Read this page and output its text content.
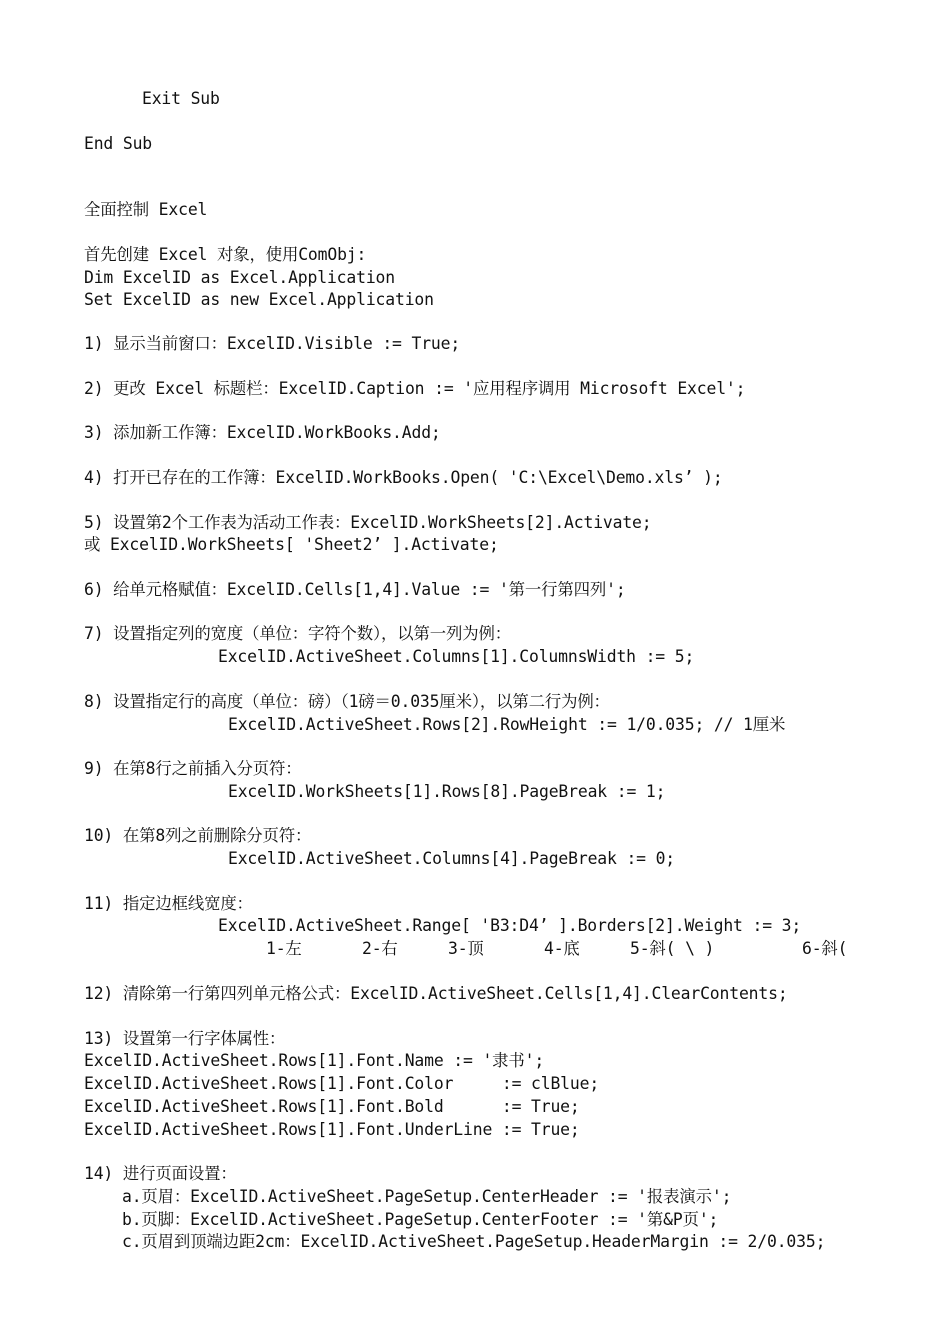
Exit Sub
End Sub
全面控制 Excel
首先创建 Excel 对象，使用ComObj:
Dim ExcelID as Excel.Application
Set ExcelID as new Excel.Application
1) 显示当前窗口：ExcelID.Visible := True;
2) 更改 Excel 标题栏：ExcelID.Caption := '应用程序调用 Microsoft Excel';
3) 添加新工作簿：ExcelID.WorkBooks.Add;
4) 打开已存在的工作簿：ExcelID.WorkBooks.Open( 'C:\Excel\Demo.xls’ );
5) 设置第2个工作表为活动工作表：ExcelID.WorkSheets[2].Activate;
或 ExcelID.WorkSheets[ 'Sheet2’ ].Activate;
6) 给单元格赋值：ExcelID.Cells[1,4].Value := '第一行第四列';
7) 设置指定列的宽度（单位：字符个数），以第一列为例：
ExcelID.ActiveSheet.Columns[1].ColumnsWidth := 5;
8) 设置指定行的高度（单位：磅）（1磅＝0.035厘米），以第二行为例：
ExcelID.ActiveSheet.Rows[2].RowHeight := 1/0.035; // 1厘米
9) 在第8行之前插入分页符：
ExcelID.WorkSheets[1].Rows[8].PageBreak := 1;
10) 在第8列之前删除分页符：
ExcelID.ActiveSheet.Columns[4].PageBreak := 0;
11) 指定边框线宽度：
ExcelID.ActiveSheet.Range[ 'B3:D4’ ].Borders[2].Weight := 3;
1-左	2-右	3-顶	4-底	5-斜( \ )	6-斜(
12) 清除第一行第四列单元格公式：ExcelID.ActiveSheet.Cells[1,4].ClearContents;
13) 设置第一行字体属性：
ExcelID.ActiveSheet.Rows[1].Font.Name := '隶书';
ExcelID.ActiveSheet.Rows[1].Font.Color     := clBlue;
ExcelID.ActiveSheet.Rows[1].Font.Bold      := True;
ExcelID.ActiveSheet.Rows[1].Font.UnderLine := True;
14) 进行页面设置：
a.页眉：ExcelID.ActiveSheet.PageSetup.CenterHeader := '报表演示';
b.页脚：ExcelID.ActiveSheet.PageSetup.CenterFooter := '第&P页';
c.页眉到顶端边距2cm：ExcelID.ActiveSheet.PageSetup.HeaderMargin := 2/0.035;
